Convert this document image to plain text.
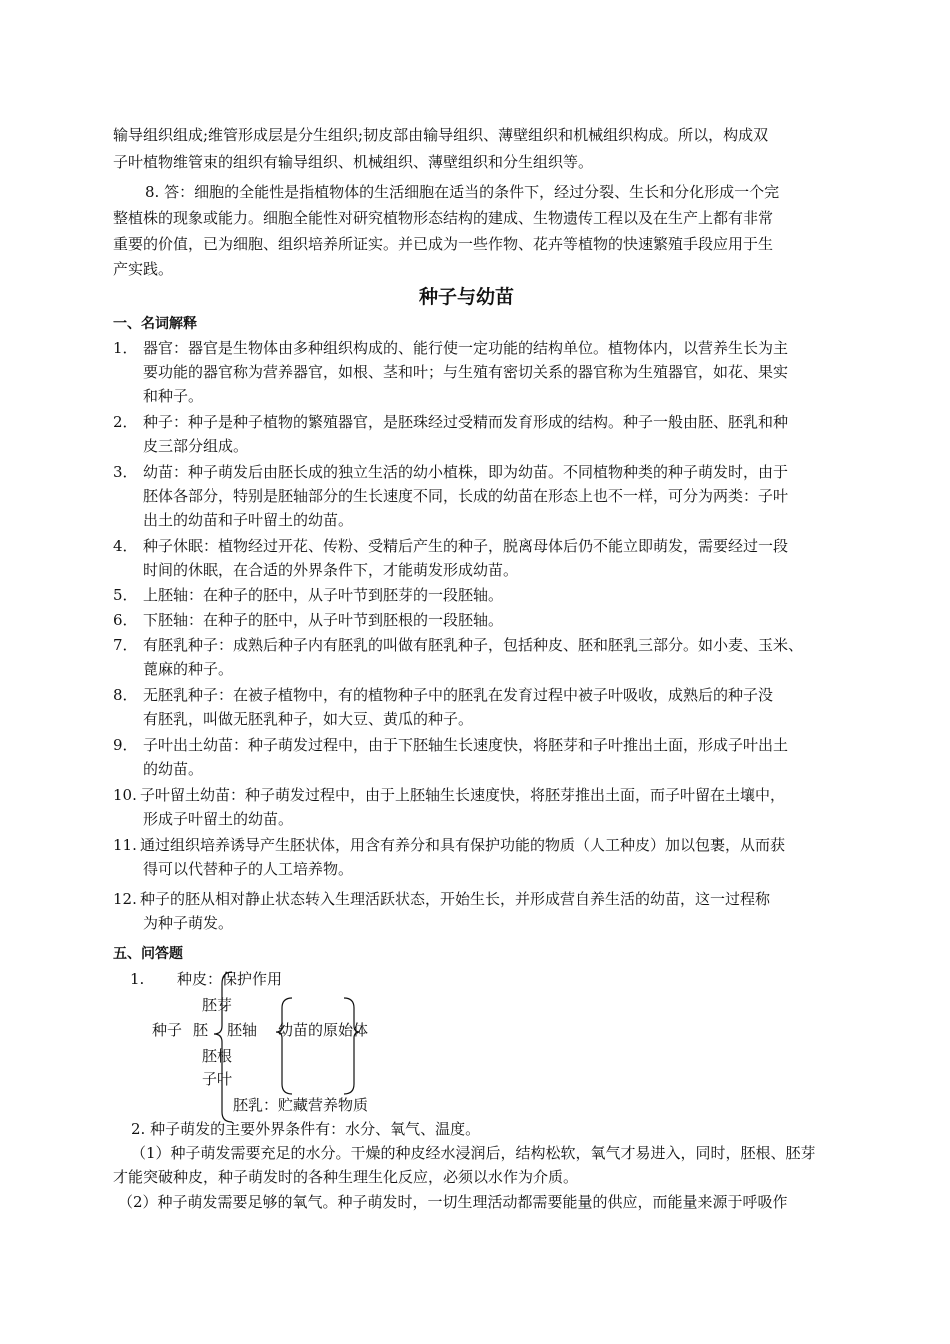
输导组织组成;维管形成层是分生组织;韧皮部由输导组织、薄壁组织和机械组织构成。所以，构成双
子叶植物维管束的组织有输导组织、机械组织、薄壁组织和分生组织等。
8. 答：细胞的全能性是指植物体的生活细胞在适当的条件下，经过分裂、生长和分化形成一个完
整植株的现象或能力。细胞全能性对研究植物形态结构的建成、生物遗传工程以及在生产上都有非常
重要的价值，已为细胞、组织培养所证实。并已成为一些作物、花卉等植物的快速繁殖手段应用于生
产实践。
种子与幼苗
一、名词解释
1． 器官：器官是生物体由多种组织构成的、能行使一定功能的结构单位。植物体内，以营养生长为主
要功能的器官称为营养器官，如根、茎和叶；与生殖有密切关系的器官称为生殖器官，如花、果实
和种子。
2． 种子：种子是种子植物的繁殖器官，是胚珠经过受精而发育形成的结构。种子一般由胚、胚乳和种
皮三部分组成。
3． 幼苗：种子萌发后由胚长成的独立生活的幼小植株，即为幼苗。不同植物种类的种子萌发时，由于
胚体各部分，特别是胚轴部分的生长速度不同，长成的幼苗在形态上也不一样，可分为两类：子叶
出土的幼苗和子叶留土的幼苗。
4． 种子休眠：植物经过开花、传粉、受精后产生的种子，脱离母体后仍不能立即萌发，需要经过一段
时间的休眠，在合适的外界条件下，才能萌发形成幼苗。
5． 上胚轴：在种子的胚中，从子叶节到胚芽的一段胚轴。
6． 下胚轴：在种子的胚中，从子叶节到胚根的一段胚轴。
7． 有胚乳种子：成熟后种子内有胚乳的叫做有胚乳种子，包括种皮、胚和胚乳三部分。如小麦、玉米、
蓖麻的种子。
8． 无胚乳种子：在被子植物中，有的植物种子中的胚乳在发育过程中被子叶吸收，成熟后的种子没
有胚乳，叫做无胚乳种子，如大豆、黄瓜的种子。
9． 子叶出土幼苗：种子萌发过程中，由于下胚轴生长速度快，将胚芽和子叶推出土面，形成子叶出土
的幼苗。
10. 子叶留土幼苗：种子萌发过程中，由于上胚轴生长速度快，将胚芽推出土面，而子叶留在土壤中，
形成子叶留土的幼苗。
11. 通过组织培养诱导产生胚状体，用含有养分和具有保护功能的物质（人工种皮）加以包裹，从而获
得可以代替种子的人工培养物。
12. 种子的胚从相对静止状态转入生理活跃状态，开始生长，并形成营自养生活的幼苗，这一过程称
为种子萌发。
五、问答题
1. 种皮：保护作用
胚芽
种子 胚 胚轴 幼苗的原始体
胚根
子叶
胚乳：贮藏营养物质
2. 种子萌发的主要外界条件有：水分、氧气、温度。
（1）种子萌发需要充足的水分。干燥的种皮经水浸润后，结构松软，氧气才易进入，同时，胚根、胚芽
才能突破种皮，种子萌发时的各种生理生化反应，必须以水作为介质。
（2）种子萌发需要足够的氧气。种子萌发时，一切生理活动都需要能量的供应，而能量来源于呼吸作
